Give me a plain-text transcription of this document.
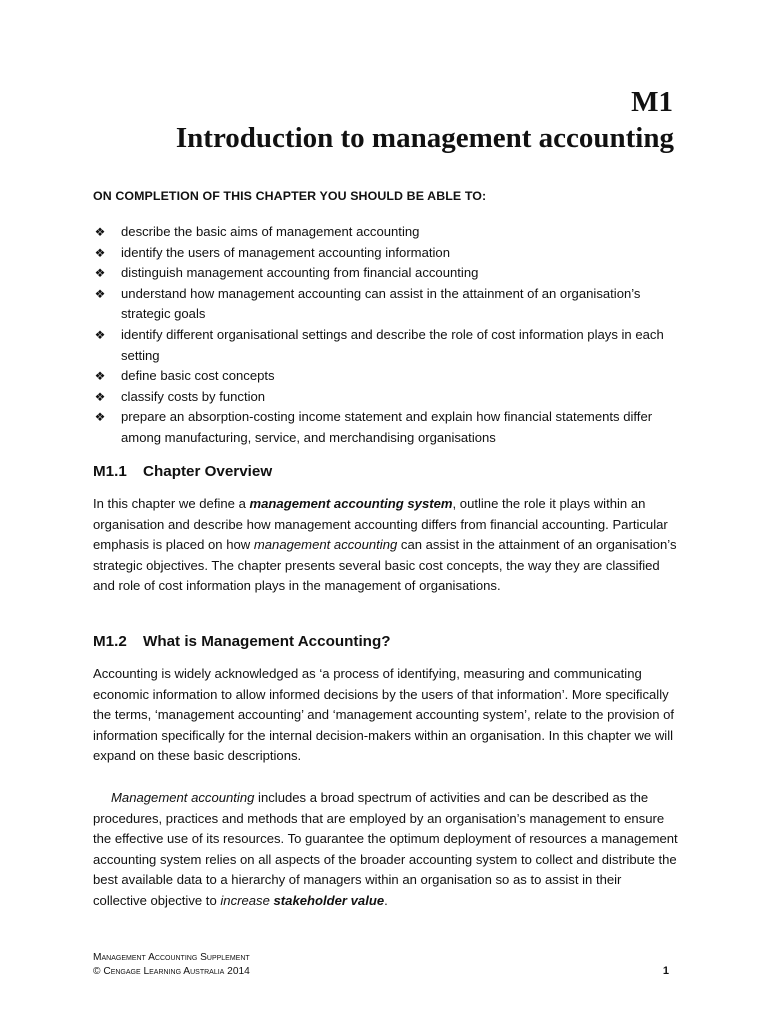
M1
Introduction to management accounting
ON COMPLETION OF THIS CHAPTER YOU SHOULD BE ABLE TO:
❖ describe the basic aims of management accounting
❖ identify the users of management accounting information
❖ distinguish management accounting from financial accounting
❖ understand how management accounting can assist in the attainment of an organisation’s strategic goals
❖ identify different organisational settings and describe the role of cost information plays in each setting
❖ define basic cost concepts
❖ classify costs by function
❖ prepare an absorption-costing income statement and explain how financial statements differ among manufacturing, service, and merchandising organisations
M1.1 Chapter Overview

In this chapter we define a management accounting system, outline the role it plays within an organisation and describe how management accounting differs from financial accounting. Particular emphasis is placed on how management accounting can assist in the attainment of an organisation’s strategic objectives. The chapter presents several basic cost concepts, the way they are classified and role of cost information plays in the management of organisations.

M1.2 What is Management Accounting?

Accounting is widely acknowledged as ‘a process of identifying, measuring and communicating economic information to allow informed decisions by the users of that information’. More specifically the terms, ‘management accounting’ and ‘management accounting system’, relate to the provision of information specifically for the internal decision-makers within an organisation. In this chapter we will expand on these basic descriptions.

Management accounting includes a broad spectrum of activities and can be described as the procedures, practices and methods that are employed by an organisation’s management to ensure the effective use of its resources. To guarantee the optimum deployment of resources a management accounting system relies on all aspects of the broader accounting system to collect and distribute the best available data to a hierarchy of managers within an organisation so as to assist in their collective objective to increase stakeholder value.

Management Accounting Supplement
© Cengage Learning Australia 2014	1
